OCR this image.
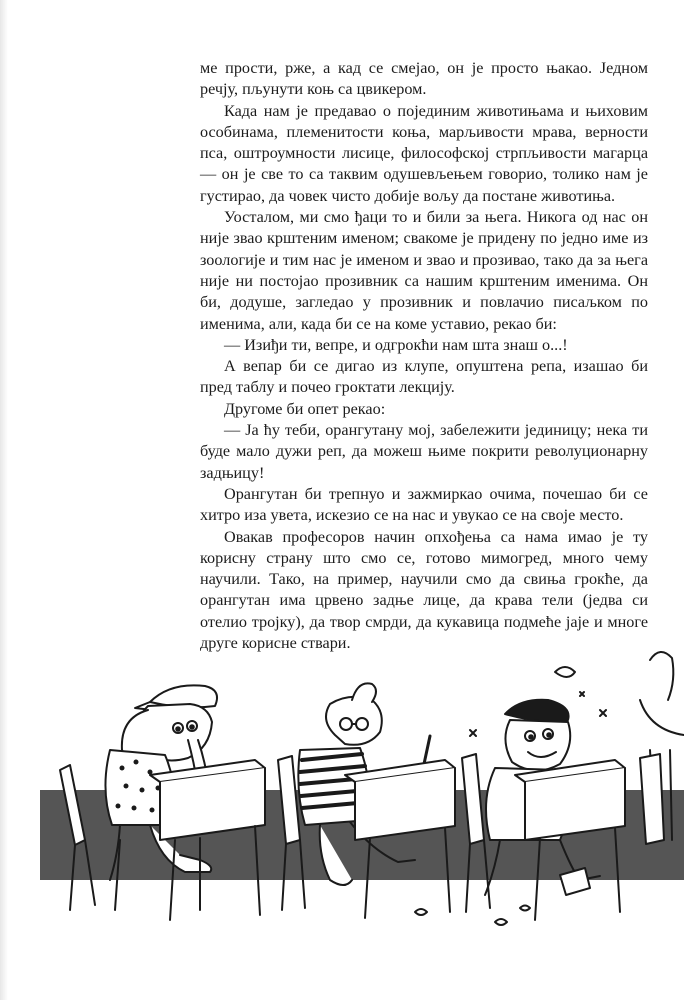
ме прости, рже, а кад се смејао, он је просто њакао. Једном речју, пљунути коњ са цвикером.

Када нам је предавао о појединим животињама и њиховим особинама, племенитости коња, марљивости мрава, верности пса, оштроумности лисице, философској стрпљивости магарца — он је све то са таквим одушевљењем говорио, толико нам је густирао, да човек чисто добије вољу да постане животиња.

Уосталом, ми смо ђаци то и били за њега. Никога од нас он није звао крштеним именом; свакоме је придену по једно име из зоологије и тим нас је именом и звао и прозивао, тако да за њега није ни постојао прозивник са нашим крштеним именима. Он би, додуше, загледао у прозивник и повлачио писаљком по именима, али, када би се на коме уставио, рекао би:

— Изиђи ти, вепре, и одгрокћи нам шта знаш о...!

А вепар би се дигао из клупе, опуштена репа, изашао би пред таблу и почео гроктати лекцију.

Другоме би опет рекао:

— Ја ћу теби, орангутану мој, забележити јединицу; нека ти буде мало дужи реп, да можеш њиме покрити револуционарну задњицу!

Орангутан би трепнуо и зажмиркао очима, почешао би се хитро иза увета, искезио се на нас и увукао се на своје место.

Овакав професоров начин опхођења са нама имао је ту корисну страну што смо се, готово мимогред, много чему научили. Тако, на пример, научили смо да свиња грокће, да орангутан има црвено задње лице, да крава тели (једва си отелио тројку), да твор смрди, да кукавица подмеће јаје и многе друге корисне ствари.
